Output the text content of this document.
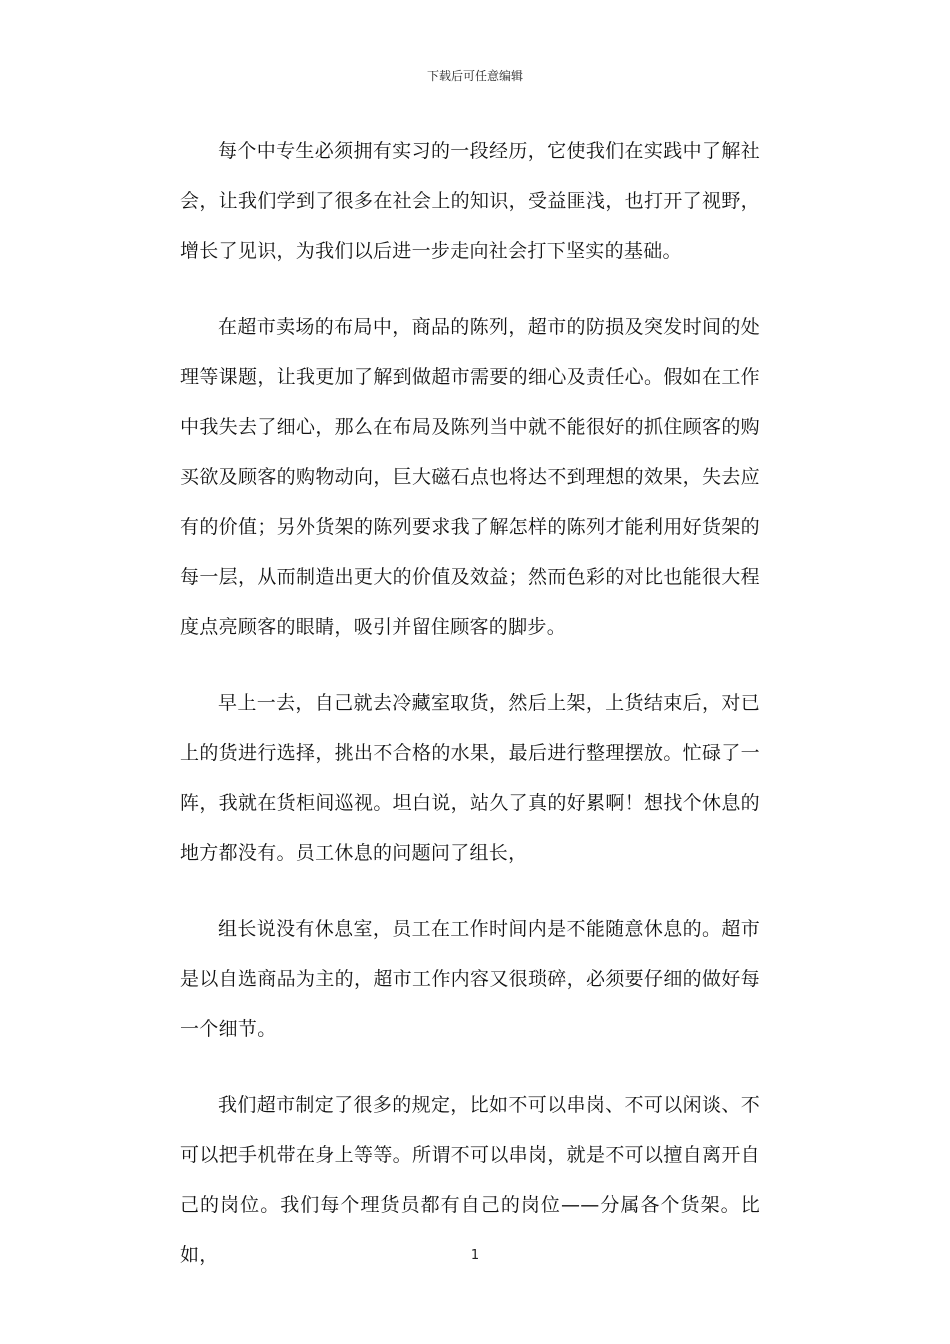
下载后可任意编辑

每个中专生必须拥有实习的一段经历，它使我们在实践中了解社会，让我们学到了很多在社会上的知识，受益匪浅，也打开了视野，增长了见识，为我们以后进一步走向社会打下坚实的基础。

在超市卖场的布局中，商品的陈列，超市的防损及突发时间的处理等课题，让我更加了解到做超市需要的细心及责任心。假如在工作中我失去了细心，那么在布局及陈列当中就不能很好的抓住顾客的购买欲及顾客的购物动向，巨大磁石点也将达不到理想的效果，失去应有的价值；另外货架的陈列要求我了解怎样的陈列才能利用好货架的每一层，从而制造出更大的价值及效益；然而色彩的对比也能很大程度点亮顾客的眼睛，吸引并留住顾客的脚步。

早上一去，自己就去冷藏室取货，然后上架，上货结束后，对已上的货进行选择，挑出不合格的水果，最后进行整理摆放。忙碌了一阵，我就在货柜间巡视。坦白说，站久了真的好累啊！想找个休息的地方都没有。员工休息的问题问了组长，

组长说没有休息室，员工在工作时间内是不能随意休息的。超市是以自选商品为主的，超市工作内容又很琐碎，必须要仔细的做好每一个细节。

我们超市制定了很多的规定，比如不可以串岗、不可以闲谈、不可以把手机带在身上等等。所谓不可以串岗，就是不可以擅自离开自己的岗位。我们每个理货员都有自己的岗位——分属各个货架。比如，	1
